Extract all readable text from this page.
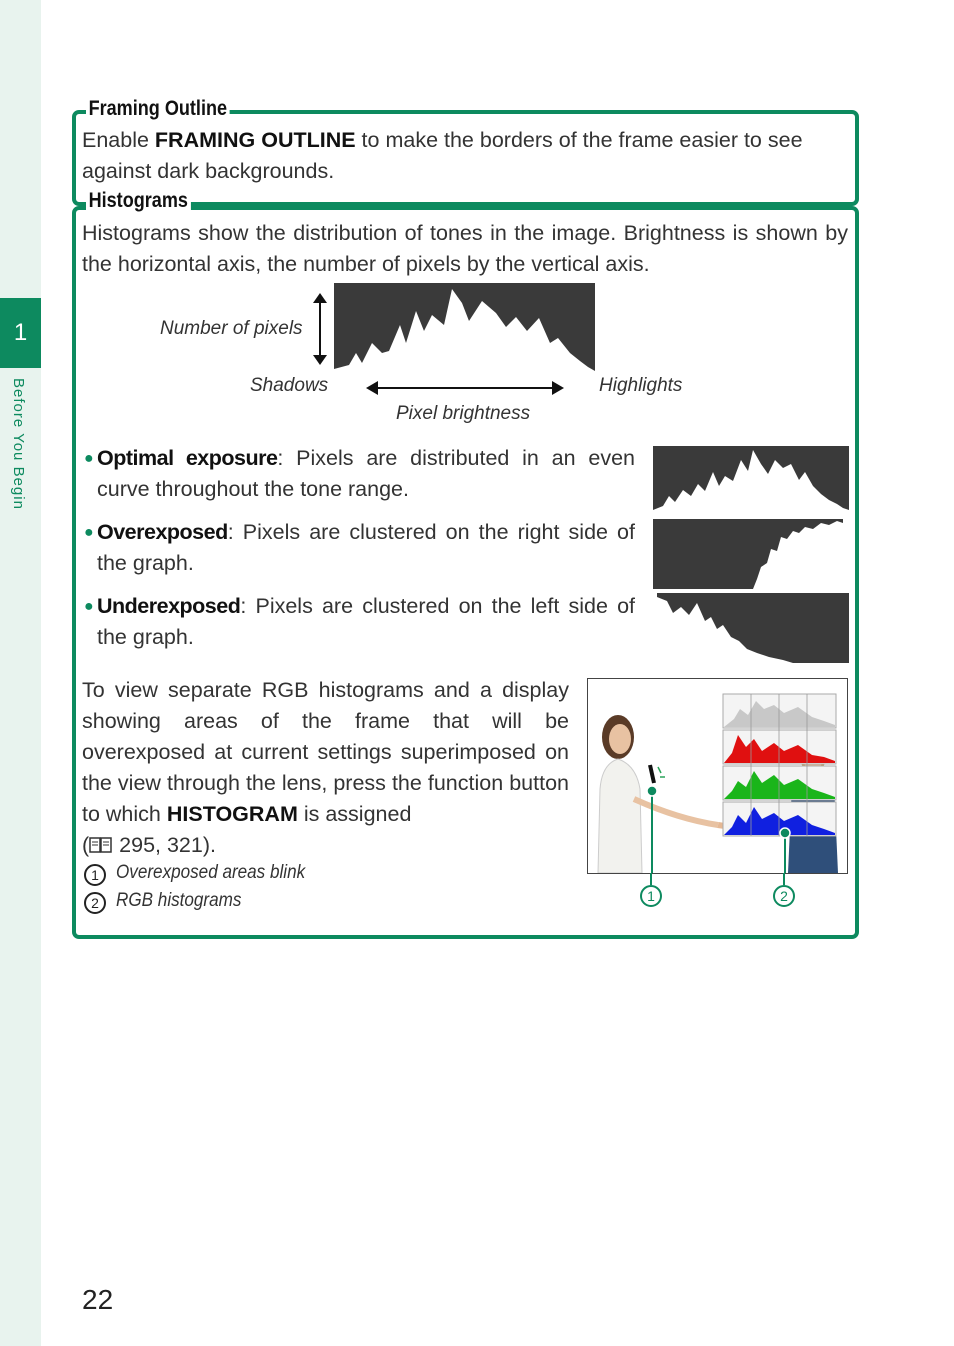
1
Before You Begin
Framing Outline
Enable FRAMING OUTLINE to make the borders of the frame easier to see against dark backgrounds.
Histograms
Histograms show the distribution of tones in the image. Brightness is shown by the horizontal axis, the number of pixels by the vertical axis.
Number of pixels
Shadows	Highlights
Pixel brightness
● Optimal exposure: Pixels are distributed in an even curve throughout the tone range.
● Overexposed: Pixels are clustered on the right side of the graph.
● Underexposed: Pixels are clustered on the left side of the graph.
To view separate RGB histograms and a display showing areas of the frame that will be overexposed at current settings superimposed on the view through the lens, press the function button to which HISTOGRAM is assigned
( 295, 321).
1 Overexposed areas blink
2 RGB histograms	1	2
22
